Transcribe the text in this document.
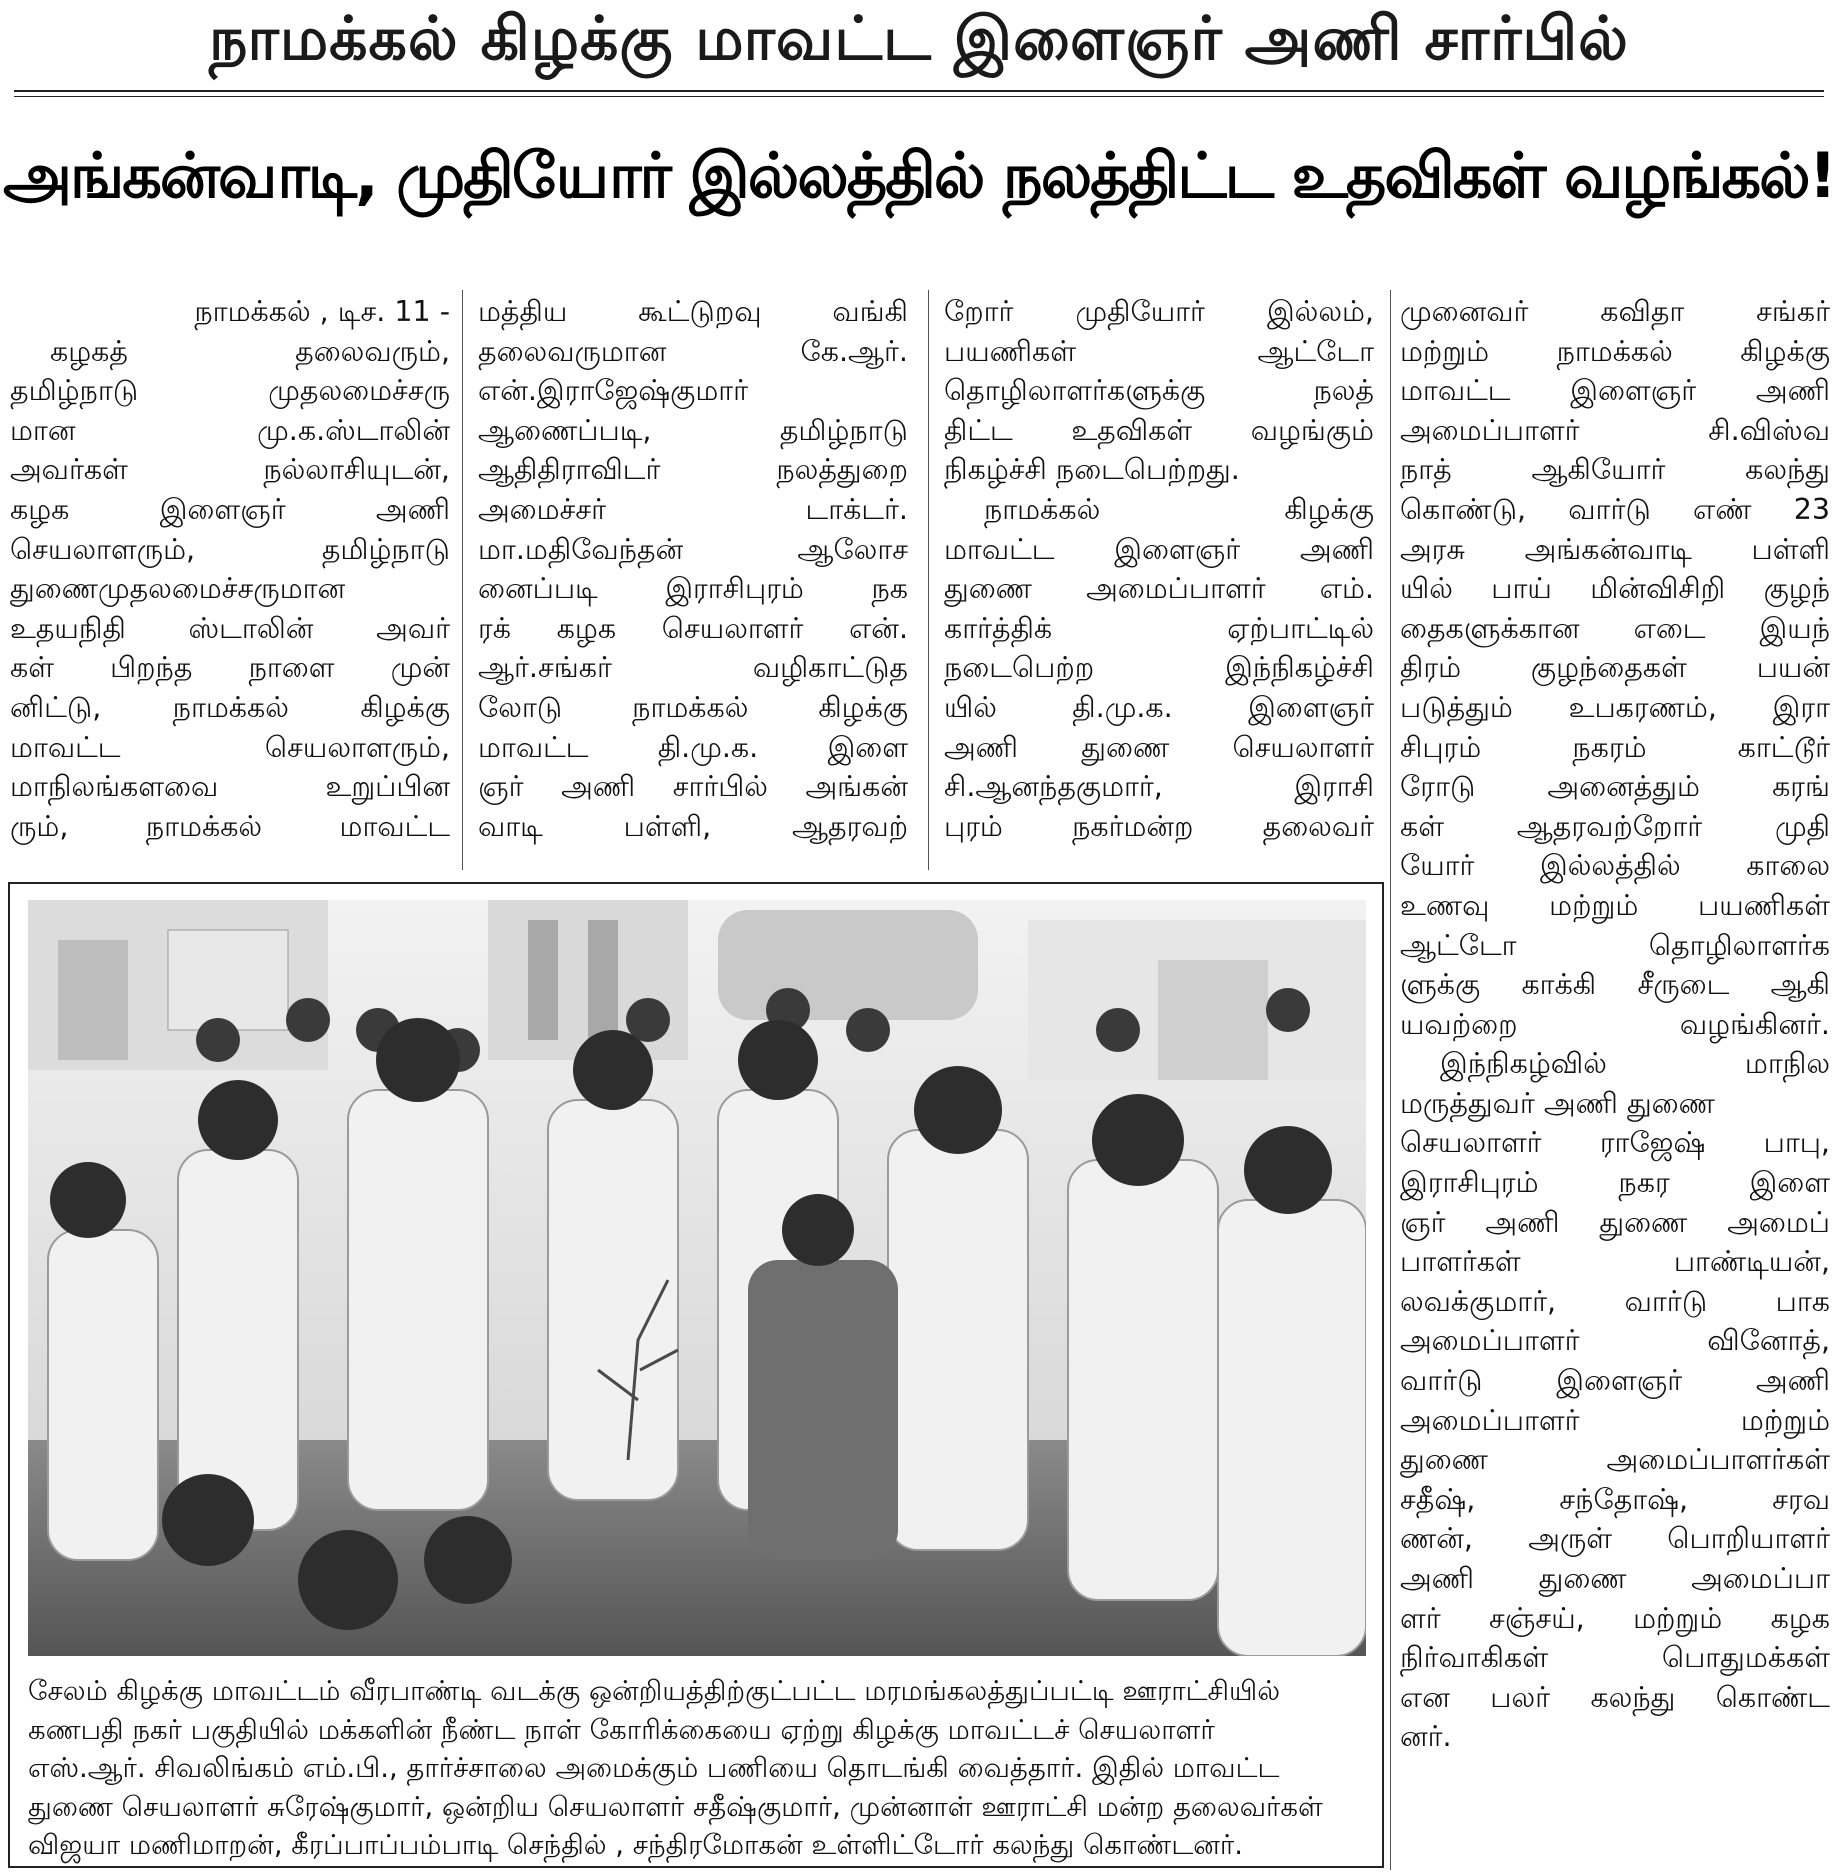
நாமக்கல் கிழக்கு மாவட்ட இளைஞர் அணி சார்பில்
அங்கன்வாடி, முதியோர் இல்லத்தில் நலத்திட்ட உதவிகள் வழங்கல்!
நாமக்கல் , டிச. 11 -
கழகத் தலைவரும்,
தமிழ்நாடு முதலமைச்சரு
மான மு.க.ஸ்டாலின்
அவர்கள் நல்லாசியுடன்,
கழக இளைஞர் அணி
செயலாளரும், தமிழ்நாடு
துணைமுதலமைச்சருமான
உதயநிதி ஸ்டாலின் அவர்
கள் பிறந்த நாளை முன்
னிட்டு, நாமக்கல் கிழக்கு
மாவட்ட செயலாளரும்,
மாநிலங்களவை உறுப்பின
ரும், நாமக்கல் மாவட்ட
மத்திய கூட்டுறவு வங்கி
தலைவருமான கே.ஆர்.
என்.இராஜேஷ்குமார்
ஆணைப்படி, தமிழ்நாடு
ஆதிதிராவிடர் நலத்துறை
அமைச்சர் டாக்டர்.
மா.மதிவேந்தன் ஆலோச
னைப்படி இராசிபுரம் நக
ரக் கழக செயலாளர் என்.
ஆர்.சங்கர் வழிகாட்டுத
லோடு நாமக்கல் கிழக்கு
மாவட்ட தி.மு.க. இளை
ஞர் அணி சார்பில் அங்கன்
வாடி பள்ளி, ஆதரவற்
றோர் முதியோர் இல்லம்,
பயணிகள் ஆட்டோ
தொழிலாளர்களுக்கு நலத்
திட்ட உதவிகள் வழங்கும்
நிகழ்ச்சி நடைபெற்றது.
நாமக்கல் கிழக்கு
மாவட்ட இளைஞர் அணி
துணை அமைப்பாளர் எம்.
கார்த்திக் ஏற்பாட்டில்
நடைபெற்ற இந்நிகழ்ச்சி
யில் தி.மு.க. இளைஞர்
அணி துணை செயலாளர்
சி.ஆனந்தகுமார், இராசி
புரம் நகர்மன்ற தலைவர்
முனைவர் கவிதா சங்கர்
மற்றும் நாமக்கல் கிழக்கு
மாவட்ட இளைஞர் அணி
அமைப்பாளர் சி.விஸ்வ
நாத் ஆகியோர் கலந்து
கொண்டு, வார்டு எண் 23
அரசு அங்கன்வாடி பள்ளி
யில் பாய் மின்விசிறி குழந்
தைகளுக்கான எடை இயந்
திரம் குழந்தைகள் பயன்
படுத்தும் உபகரணம், இரா
சிபுரம் நகரம் காட்டூர்
ரோடு அனைத்தும் கரங்
கள் ஆதரவற்றோர் முதி
யோர் இல்லத்தில் காலை
உணவு மற்றும் பயணிகள்
ஆட்டோ தொழிலாளர்க
ளுக்கு காக்கி சீருடை ஆகி
யவற்றை வழங்கினர்.
இந்நிகழ்வில் மாநில
மருத்துவர் அணி துணை
செயலாளர் ராஜேஷ் பாபு,
இராசிபுரம் நகர இளை
ஞர் அணி துணை அமைப்
பாளர்கள் பாண்டியன்,
லவக்குமார், வார்டு பாக
அமைப்பாளர் வினோத்,
வார்டு இளைஞர் அணி
அமைப்பாளர் மற்றும்
துணை அமைப்பாளர்கள்
சதீஷ், சந்தோஷ், சரவ
ணன், அருள் பொறியாளர்
அணி துணை அமைப்பா
ளர் சஞ்சய், மற்றும் கழக
நிர்வாகிகள் பொதுமக்கள்
என பலர் கலந்து கொண்ட
னர்.
சேலம் கிழக்கு மாவட்டம் வீரபாண்டி வடக்கு ஒன்றியத்திற்குட்பட்ட மரமங்கலத்துப்பட்டி ஊராட்சியில்
கணபதி நகர் பகுதியில் மக்களின் நீண்ட நாள் கோரிக்கையை ஏற்று கிழக்கு மாவட்டச் செயலாளர்
எஸ்.ஆர். சிவலிங்கம் எம்.பி., தார்ச்சாலை அமைக்கும் பணியை தொடங்கி வைத்தார். இதில் மாவட்ட
துணை செயலாளர் சுரேஷ்குமார், ஒன்றிய செயலாளர் சதீஷ்குமார், முன்னாள் ஊராட்சி மன்ற தலைவர்கள்
விஜயா மணிமாறன், கீரப்பாப்பம்பாடி செந்தில் , சந்திரமோகன் உள்ளிட்டோர் கலந்து கொண்டனர்.
